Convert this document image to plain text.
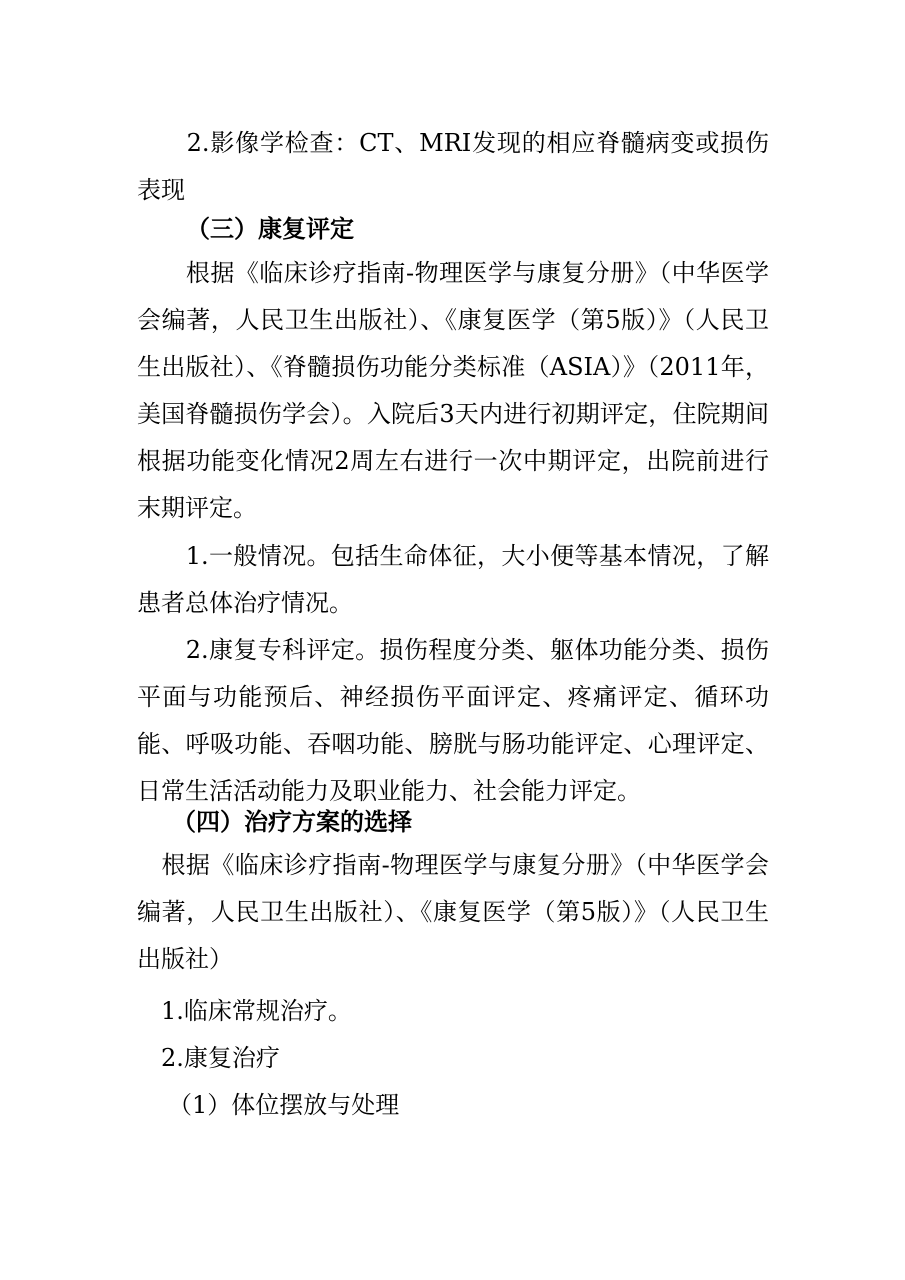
　　2.影像学检查：CT、MRI发现的相应脊髓病变或损伤表现

（三）康复评定

　　根据《临床诊疗指南-物理医学与康复分册》（中华医学会编著，人民卫生出版社）、《康复医学（第5版）》（人民卫生出版社）、《脊髓损伤功能分类标准（ASIA）》（2011年，美国脊髓损伤学会）。入院后3天内进行初期评定，住院期间根据功能变化情况2周左右进行一次中期评定，出院前进行末期评定。

　　1.一般情况。包括生命体征，大小便等基本情况，了解患者总体治疗情况。

　　2.康复专科评定。损伤程度分类、躯体功能分类、损伤平面与功能预后、神经损伤平面评定、疼痛评定、循环功能、呼吸功能、吞咽功能、膀胱与肠功能评定、心理评定、日常生活活动能力及职业能力、社会能力评定。

（四）治疗方案的选择

　根据《临床诊疗指南-物理医学与康复分册》（中华医学会编著，人民卫生出版社）、《康复医学（第5版）》（人民卫生出版社）

　1.临床常规治疗。

　2.康复治疗

（1）体位摆放与处理
